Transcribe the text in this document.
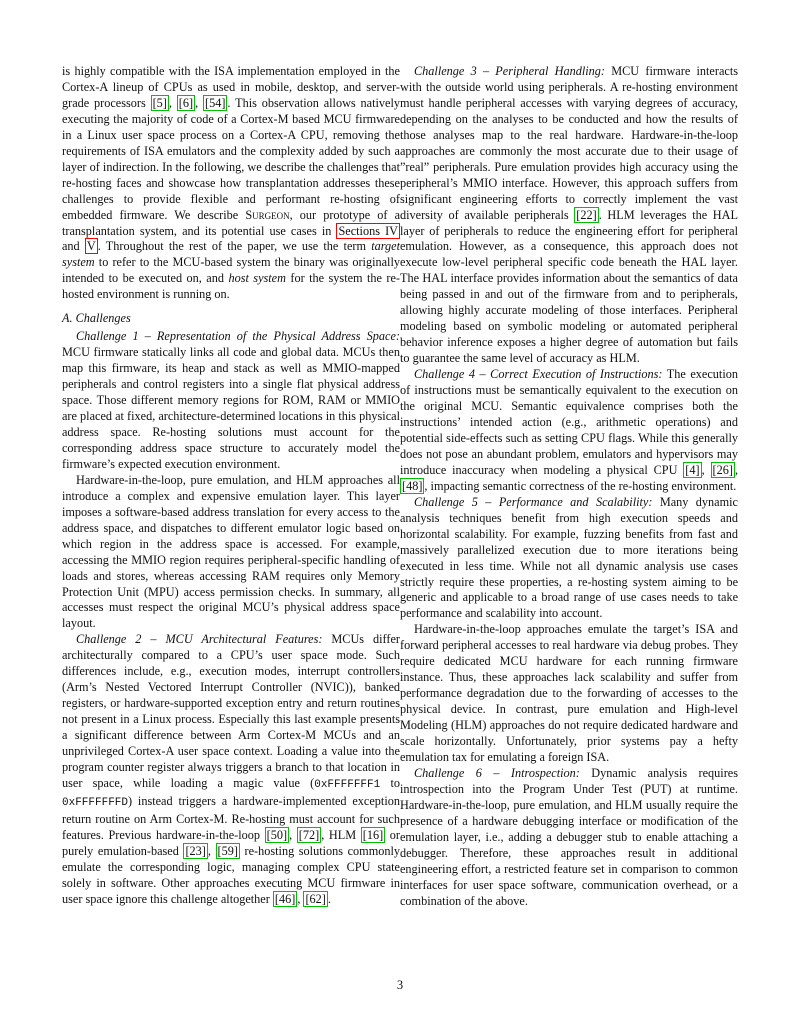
is highly compatible with the ISA implementation employed in the Cortex-A lineup of CPUs as used in mobile, desktop, and server-grade processors [5] , [6] , [54] . This observation allows natively executing the majority of code of a Cortex-M based MCU firmware in a Linux user space process on a Cortex-A CPU, removing the requirements of ISA emulators and the complexity added by such a layer of indirection. In the following, we describe the challenges that re-hosting faces and showcase how transplantation addresses these challenges to provide flexible and performant re-hosting of embedded firmware. We describe Surgeon, our prototype of a transplantation system, and its potential use cases in Sections IV and V . Throughout the rest of the paper, we use the term target system to refer to the MCU-based system the binary was originally intended to be executed on, and host system for the system the re-hosted environment is running on.

A. Challenges

Challenge 1 – Representation of the Physical Address Space: MCU firmware statically links all code and global data. MCUs then map this firmware, its heap and stack as well as MMIO-mapped peripherals and control registers into a single flat physical address space. Those different memory regions for ROM, RAM or MMIO are placed at fixed, architecture-determined locations in this physical address space. Re-hosting solutions must account for the corresponding address space structure to accurately model the firmware’s expected execution environment.

Hardware-in-the-loop, pure emulation, and HLM approaches all introduce a complex and expensive emulation layer. This layer imposes a software-based address translation for every access to the address space, and dispatches to different emulator logic based on which region in the address space is accessed. For example, accessing the MMIO region requires peripheral-specific handling of loads and stores, whereas accessing RAM requires only Memory Protection Unit (MPU) access permission checks. In summary, all accesses must respect the original MCU’s physical address space layout.

Challenge 2 – MCU Architectural Features: MCUs differ architecturally compared to a CPU’s user space mode. Such differences include, e.g., execution modes, interrupt controllers (Arm’s Nested Vectored Interrupt Controller (NVIC)), banked registers, or hardware-supported exception entry and return routines not present in a Linux process. Especially this last example presents a significant difference between Arm Cortex-M MCUs and an unprivileged Cortex-A user space context. Loading a value into the program counter register always triggers a branch to that location in user space, while loading a magic value (0xFFFFFFF1 to 0xFFFFFFFD) instead triggers a hardware-implemented exception return routine on Arm Cortex-M. Re-hosting must account for such features. Previous hardware-in-the-loop [50] , [72] , HLM [16] or purely emulation-based [23] , [59] re-hosting solutions commonly emulate the corresponding logic, managing complex CPU state solely in software. Other approaches executing MCU firmware in user space ignore this challenge altogether [46] , [62] .

Challenge 3 – Peripheral Handling: MCU firmware interacts with the outside world using peripherals. A re-hosting environment must handle peripheral accesses with varying degrees of accuracy, depending on the analyses to be conducted and how the results of those analyses map to the real hardware. Hardware-in-the-loop approaches are commonly the most accurate due to their usage of ”real” peripherals. Pure emulation provides high accuracy using the peripheral’s MMIO interface. However, this approach suffers from significant engineering efforts to correctly implement the vast diversity of available peripherals [22] . HLM leverages the HAL layer of peripherals to reduce the engineering effort for peripheral emulation. However, as a consequence, this approach does not execute low-level peripheral specific code beneath the HAL layer. The HAL interface provides information about the semantics of data being passed in and out of the firmware from and to peripherals, allowing highly accurate modeling of those interfaces. Peripheral modeling based on symbolic modeling or automated peripheral behavior inference exposes a higher degree of automation but fails to guarantee the same level of accuracy as HLM.

Challenge 4 – Correct Execution of Instructions: The execution of instructions must be semantically equivalent to the execution on the original MCU. Semantic equivalence comprises both the instructions’ intended action (e.g., arithmetic operations) and potential side-effects such as setting CPU flags. While this generally does not pose an abundant problem, emulators and hypervisors may introduce inaccuracy when modeling a physical CPU [4] , [26] , [48] , impacting semantic correctness of the re-hosting environment.

Challenge 5 – Performance and Scalability: Many dynamic analysis techniques benefit from high execution speeds and horizontal scalability. For example, fuzzing benefits from fast and massively parallelized execution due to more iterations being executed in less time. While not all dynamic analysis use cases strictly require these properties, a re-hosting system aiming to be generic and applicable to a broad range of use cases needs to take performance and scalability into account.

Hardware-in-the-loop approaches emulate the target’s ISA and forward peripheral accesses to real hardware via debug probes. They require dedicated MCU hardware for each running firmware instance. Thus, these approaches lack scalability and suffer from performance degradation due to the forwarding of accesses to the physical device. In contrast, pure emulation and High-level Modeling (HLM) approaches do not require dedicated hardware and scale horizontally. Unfortunately, prior systems pay a hefty emulation tax for emulating a foreign ISA.

Challenge 6 – Introspection: Dynamic analysis requires introspection into the Program Under Test (PUT) at runtime. Hardware-in-the-loop, pure emulation, and HLM usually require the presence of a hardware debugging interface or modification of the emulation layer, i.e., adding a debugger stub to enable attaching a debugger. Therefore, these approaches result in additional engineering effort, a restricted feature set in comparison to common interfaces for user space software, communication overhead, or a combination of the above.

3
